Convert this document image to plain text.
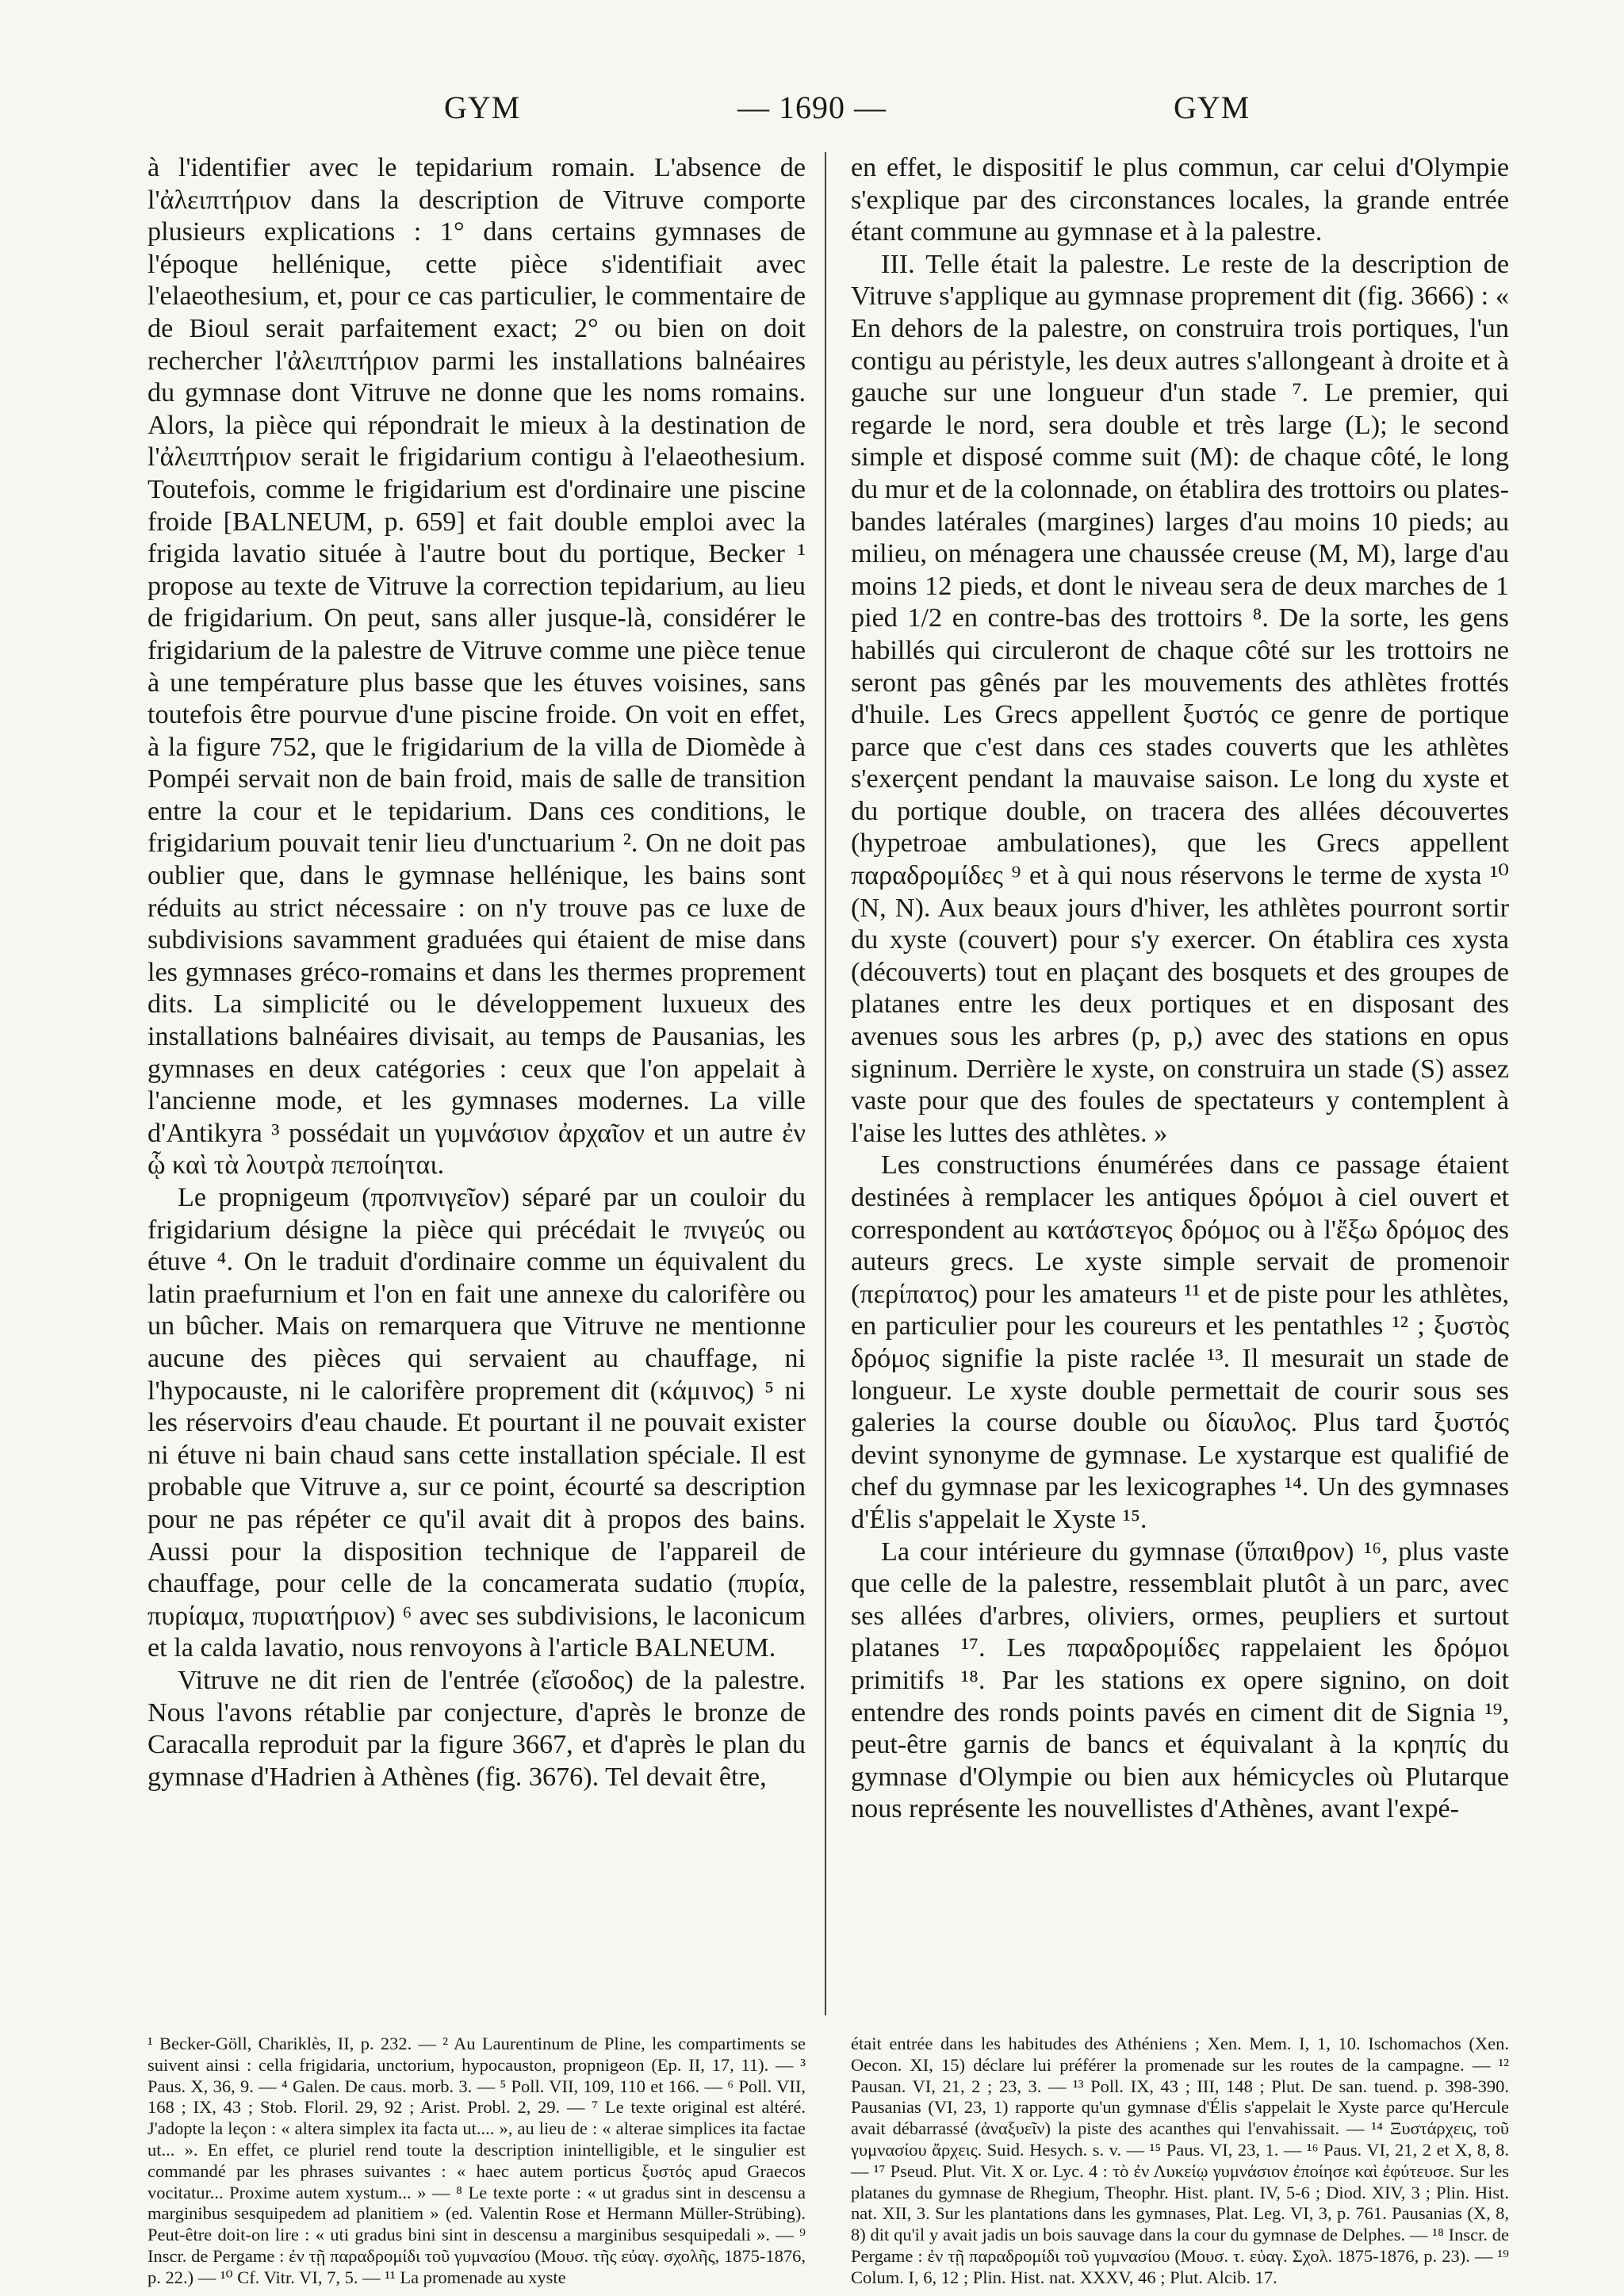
— 1690 —
GYM	GYM

à l'identifier avec le tepidarium romain. L'absence de l'ἀλειπτήριον dans la description de Vitruve comporte plusieurs explications : 1° dans certains gymnases de l'époque hellénique, cette pièce s'identifiait avec l'elaeothesium, et, pour ce cas particulier, le commentaire de de Bioul serait parfaitement exact; 2° ou bien on doit rechercher l'ἀλειπτήριον parmi les installations balnéaires du gymnase dont Vitruve ne donne que les noms romains. Alors, la pièce qui répondrait le mieux à la destination de l'ἀλειπτήριον serait le frigidarium contigu à l'elaeothesium. Toutefois, comme le frigidarium est d'ordinaire une piscine froide [BALNEUM, p. 659] et fait double emploi avec la frigida lavatio située à l'autre bout du portique, Becker ¹ propose au texte de Vitruve la correction tepidarium, au lieu de frigidarium. On peut, sans aller jusque-là, considérer le frigidarium de la palestre de Vitruve comme une pièce tenue à une température plus basse que les étuves voisines, sans toutefois être pourvue d'une piscine froide. On voit en effet, à la figure 752, que le frigidarium de la villa de Diomède à Pompéi servait non de bain froid, mais de salle de transition entre la cour et le tepidarium. Dans ces conditions, le frigidarium pouvait tenir lieu d'unctuarium ². On ne doit pas oublier que, dans le gymnase hellénique, les bains sont réduits au strict nécessaire : on n'y trouve pas ce luxe de subdivisions savamment graduées qui étaient de mise dans les gymnases gréco-romains et dans les thermes proprement dits. La simplicité ou le développement luxueux des installations balnéaires divisait, au temps de Pausanias, les gymnases en deux catégories : ceux que l'on appelait à l'ancienne mode, et les gymnases modernes. La ville d'Antikyra ³ possédait un γυμνάσιον ἀρχαῖον et un autre ἐν ᾧ καὶ τὰ λουτρὰ πεποίηται.

Le propnigeum (προπνιγεῖον) séparé par un couloir du frigidarium désigne la pièce qui précédait le πνιγεύς ou étuve ⁴. On le traduit d'ordinaire comme un équivalent du latin praefurnium et l'on en fait une annexe du calorifère ou un bûcher. Mais on remarquera que Vitruve ne mentionne aucune des pièces qui servaient au chauffage, ni l'hypocauste, ni le calorifère proprement dit (κάμινος) ⁵ ni les réservoirs d'eau chaude. Et pourtant il ne pouvait exister ni étuve ni bain chaud sans cette installation spéciale. Il est probable que Vitruve a, sur ce point, écourté sa description pour ne pas répéter ce qu'il avait dit à propos des bains. Aussi pour la disposition technique de l'appareil de chauffage, pour celle de la concamerata sudatio (πυρία, πυρίαμα, πυριατήριον) ⁶ avec ses subdivisions, le laconicum et la calda lavatio, nous renvoyons à l'article BALNEUM.

Vitruve ne dit rien de l'entrée (εἴσοδος) de la palestre. Nous l'avons rétablie par conjecture, d'après le bronze de Caracalla reproduit par la figure 3667, et d'après le plan du gymnase d'Hadrien à Athènes (fig. 3676). Tel devait être,

en effet, le dispositif le plus commun, car celui d'Olympie s'explique par des circonstances locales, la grande entrée étant commune au gymnase et à la palestre.

III. Telle était la palestre. Le reste de la description de Vitruve s'applique au gymnase proprement dit (fig. 3666) : « En dehors de la palestre, on construira trois portiques, l'un contigu au péristyle, les deux autres s'allongeant à droite et à gauche sur une longueur d'un stade ⁷. Le premier, qui regarde le nord, sera double et très large (L); le second simple et disposé comme suit (M): de chaque côté, le long du mur et de la colonnade, on établira des trottoirs ou plates-bandes latérales (margines) larges d'au moins 10 pieds; au milieu, on ménagera une chaussée creuse (M, M), large d'au moins 12 pieds, et dont le niveau sera de deux marches de 1 pied 1/2 en contre-bas des trottoirs ⁸. De la sorte, les gens habillés qui circuleront de chaque côté sur les trottoirs ne seront pas gênés par les mouvements des athlètes frottés d'huile. Les Grecs appellent ξυστός ce genre de portique parce que c'est dans ces stades couverts que les athlètes s'exerçent pendant la mauvaise saison. Le long du xyste et du portique double, on tracera des allées découvertes (hypetroae ambulationes), que les Grecs appellent παραδρομίδες ⁹ et à qui nous réservons le terme de xysta ¹⁰ (N, N). Aux beaux jours d'hiver, les athlètes pourront sortir du xyste (couvert) pour s'y exercer. On établira ces xysta (découverts) tout en plaçant des bosquets et des groupes de platanes entre les deux portiques et en disposant des avenues sous les arbres (p, p,) avec des stations en opus signinum. Derrière le xyste, on construira un stade (S) assez vaste pour que des foules de spectateurs y contemplent à l'aise les luttes des athlètes. »

Les constructions énumérées dans ce passage étaient destinées à remplacer les antiques δρόμοι à ciel ouvert et correspondent au κατάστεγος δρόμος ou à l'ἔξω δρόμος des auteurs grecs. Le xyste simple servait de promenoir (περίπατος) pour les amateurs ¹¹ et de piste pour les athlètes, en particulier pour les coureurs et les pentathles ¹² ; ξυστὸς δρόμος signifie la piste raclée ¹³. Il mesurait un stade de longueur. Le xyste double permettait de courir sous ses galeries la course double ou δίαυλος. Plus tard ξυστός devint synonyme de gymnase. Le xystarque est qualifié de chef du gymnase par les lexicographes ¹⁴. Un des gymnases d'Élis s'appelait le Xyste ¹⁵.

La cour intérieure du gymnase (ὕπαιθρον) ¹⁶, plus vaste que celle de la palestre, ressemblait plutôt à un parc, avec ses allées d'arbres, oliviers, ormes, peupliers et surtout platanes ¹⁷. Les παραδρομίδες rappelaient les δρόμοι primitifs ¹⁸. Par les stations ex opere signino, on doit entendre des ronds points pavés en ciment dit de Signia ¹⁹, peut-être garnis de bancs et équivalant à la κρηπίς du gymnase d'Olympie ou bien aux hémicycles où Plutarque nous représente les nouvellistes d'Athènes, avant l'expé-

¹ Becker-Göll, Chariklès, II, p. 232. — ² Au Laurentinum de Pline, les compartiments se suivent ainsi : cella frigidaria, unctorium, hypocauston, propnigeon (Ep. II, 17, 11). — ³ Paus. X, 36, 9. — ⁴ Galen. De caus. morb. 3. — ⁵ Poll. VII, 109, 110 et 166. — ⁶ Poll. VII, 168 ; IX, 43 ; Stob. Floril. 29, 92 ; Arist. Probl. 2, 29. — ⁷ Le texte original est altéré. J'adopte la leçon : « altera simplex ita facta ut.... », au lieu de : « alterae simplices ita factae ut... ». En effet, ce pluriel rend toute la description inintelligible, et le singulier est commandé par les phrases suivantes : « haec autem porticus ξυστός apud Graecos vocitatur... Proxime autem xystum... » — ⁸ Le texte porte : « ut gradus sint in descensu a marginibus sesquipedem ad planitiem » (ed. Valentin Rose et Hermann Müller-Strübing). Peut-être doit-on lire : « uti gradus bini sint in descensu a marginibus sesquipedali ». — ⁹ Inscr. de Pergame : ἐν τῇ παραδρομίδι τοῦ γυμνασίου (Μουσ. τῆς εὐαγ. σχολῆς, 1875-1876, p. 22.) — ¹⁰ Cf. Vitr. VI, 7, 5. — ¹¹ La promenade au xyste

était entrée dans les habitudes des Athéniens ; Xen. Mem. I, 1, 10. Ischomachos (Xen. Oecon. XI, 15) déclare lui préférer la promenade sur les routes de la campagne. — ¹² Pausan. VI, 21, 2 ; 23, 3. — ¹³ Poll. IX, 43 ; III, 148 ; Plut. De san. tuend. p. 398-390. Pausanias (VI, 23, 1) rapporte qu'un gymnase d'Élis s'appelait le Xyste parce qu'Hercule avait débarrassé (ἀναξυεῖν) la piste des acanthes qui l'envahissait. — ¹⁴ Ξυστάρχεις, τοῦ γυμνασίου ἄρχεις. Suid. Hesych. s. v. — ¹⁵ Paus. VI, 23, 1. — ¹⁶ Paus. VI, 21, 2 et X, 8, 8. — ¹⁷ Pseud. Plut. Vit. X or. Lyc. 4 : τὸ ἐν Λυκείῳ γυμνάσιον ἐποίησε καὶ ἐφύτευσε. Sur les platanes du gymnase de Rhegium, Theophr. Hist. plant. IV, 5-6 ; Diod. XIV, 3 ; Plin. Hist. nat. XII, 3. Sur les plantations dans les gymnases, Plat. Leg. VI, 3, p. 761. Pausanias (X, 8, 8) dit qu'il y avait jadis un bois sauvage dans la cour du gymnase de Delphes. — ¹⁸ Inscr. de Pergame : ἐν τῇ παραδρομίδι τοῦ γυμνασίου (Μουσ. τ. εὐαγ. Σχολ. 1875-1876, p. 23). — ¹⁹ Colum. I, 6, 12 ; Plin. Hist. nat. XXXV, 46 ; Plut. Alcib. 17.
